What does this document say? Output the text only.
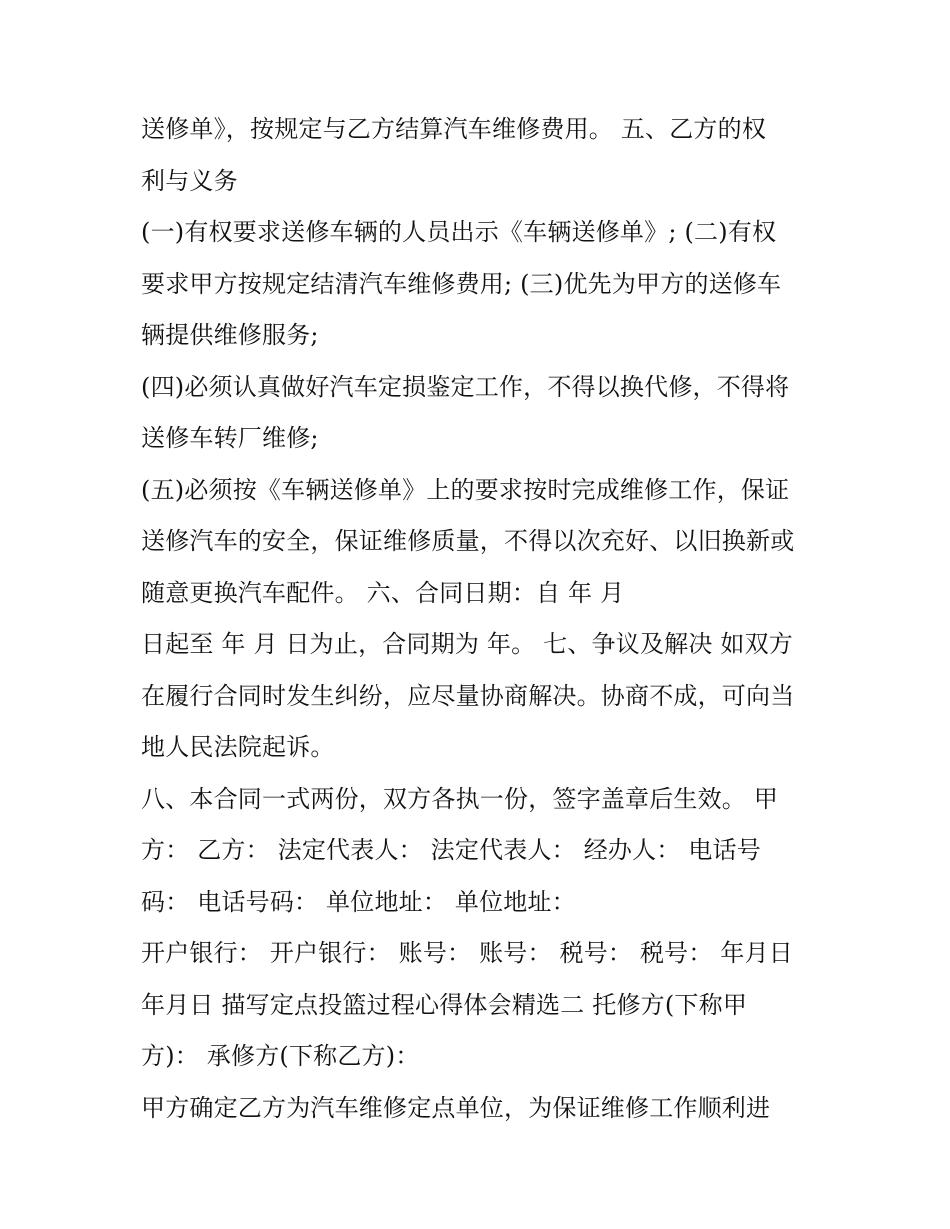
送修单》，按规定与乙方结算汽车维修费用。 五、乙方的权
利与义务
(一)有权要求送修车辆的人员出示《车辆送修单》; (二)有权
要求甲方按规定结清汽车维修费用; (三)优先为甲方的送修车
辆提供维修服务;
(四)必须认真做好汽车定损鉴定工作，不得以换代修，不得将
送修车转厂维修;
(五)必须按《车辆送修单》上的要求按时完成维修工作，保证
送修汽车的安全，保证维修质量，不得以次充好、以旧换新或
随意更换汽车配件。 六、合同日期：自 年 月
日起至 年 月 日为止，合同期为 年。 七、争议及解决 如双方
在履行合同时发生纠纷，应尽量协商解决。协商不成，可向当
地人民法院起诉。
八、本合同一式两份，双方各执一份，签字盖章后生效。 甲
方： 乙方： 法定代表人： 法定代表人： 经办人： 电话号
码： 电话号码： 单位地址： 单位地址：
开户银行： 开户银行： 账号： 账号： 税号： 税号： 年月日
年月日 描写定点投篮过程心得体会精选二 托修方(下称甲
方)： 承修方(下称乙方)：
甲方确定乙方为汽车维修定点单位，为保证维修工作顺利进
